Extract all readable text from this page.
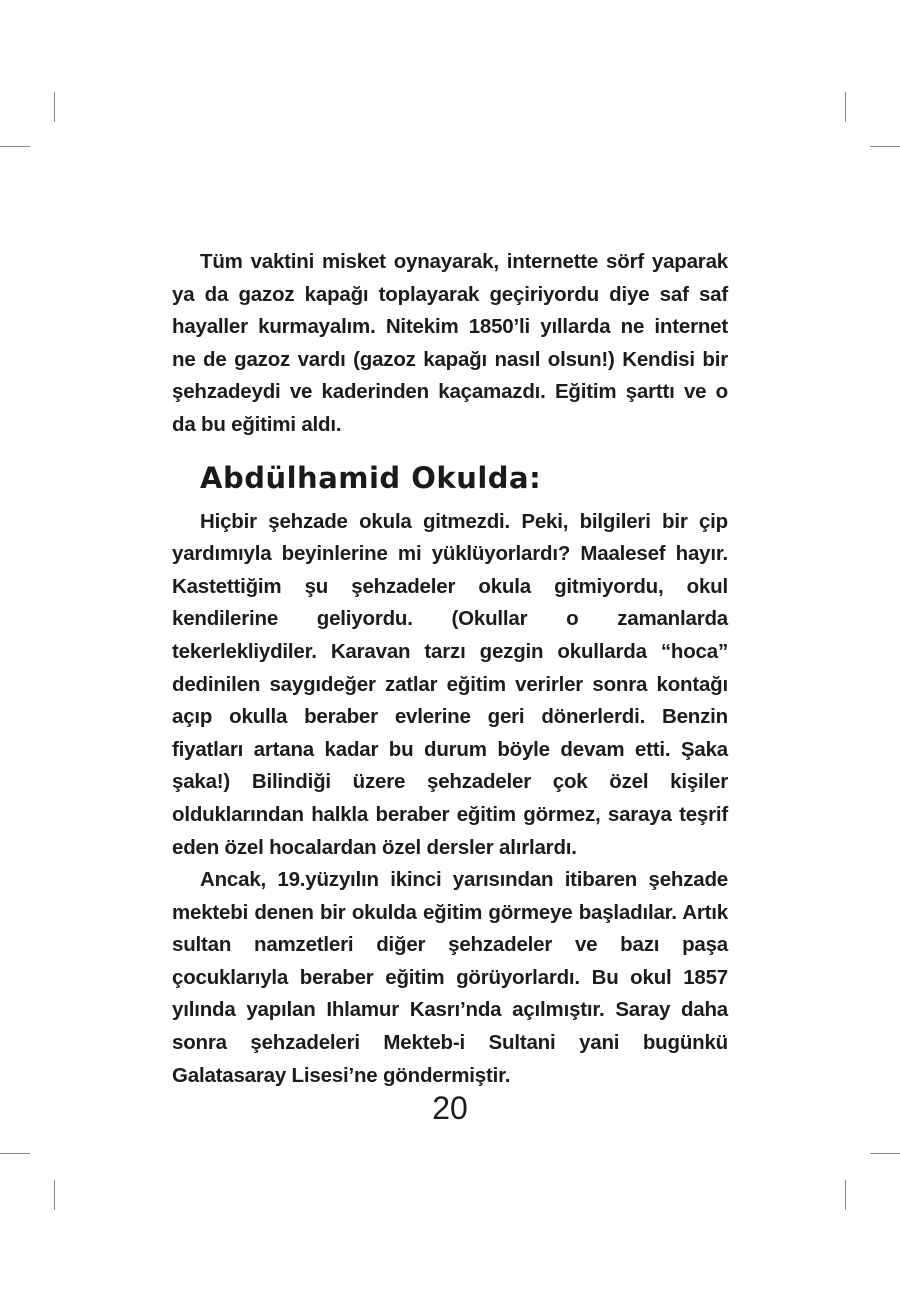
Tüm vaktini misket oynayarak, internette sörf yaparak ya da gazoz kapağı toplayarak geçiriyordu diye saf saf hayaller kurmayalım. Nitekim 1850’li yıllarda ne internet ne de gazoz vardı (gazoz kapağı nasıl olsun!) Kendisi bir şehzadeydi ve kaderinden kaçamazdı. Eğitim şarttı ve o da bu eğitimi aldı.

Abdülhamid Okulda:

Hiçbir şehzade okula gitmezdi. Peki, bilgileri bir çip yardımıyla beyinlerine mi yüklüyorlardı? Maalesef hayır. Kastettiğim şu şehzadeler okula gitmiyordu, okul kendilerine geliyordu. (Okullar o zamanlarda tekerlekliydiler. Karavan tarzı gezgin okullarda “hoca” dedinilen saygıdeğer zatlar eğitim verirler sonra kontağı açıp okulla beraber evlerine geri dönerlerdi. Benzin fiyatları artana kadar bu durum böyle devam etti. Şaka şaka!) Bilindiği üzere şehzadeler çok özel kişiler olduklarından halkla beraber eğitim görmez, saraya teşrif eden özel hocalardan özel dersler alırlardı.

Ancak, 19.yüzyılın ikinci yarısından itibaren şehzade mektebi denen bir okulda eğitim görmeye başladılar. Artık sultan namzetleri diğer şehzadeler ve bazı paşa çocuklarıyla beraber eğitim görüyorlardı. Bu okul 1857 yılında yapılan Ihlamur Kasrı’nda açılmıştır. Saray daha sonra şehzadeleri Mekteb-i Sultani yani bugünkü Galatasaray Lisesi’ne göndermiştir.

20
